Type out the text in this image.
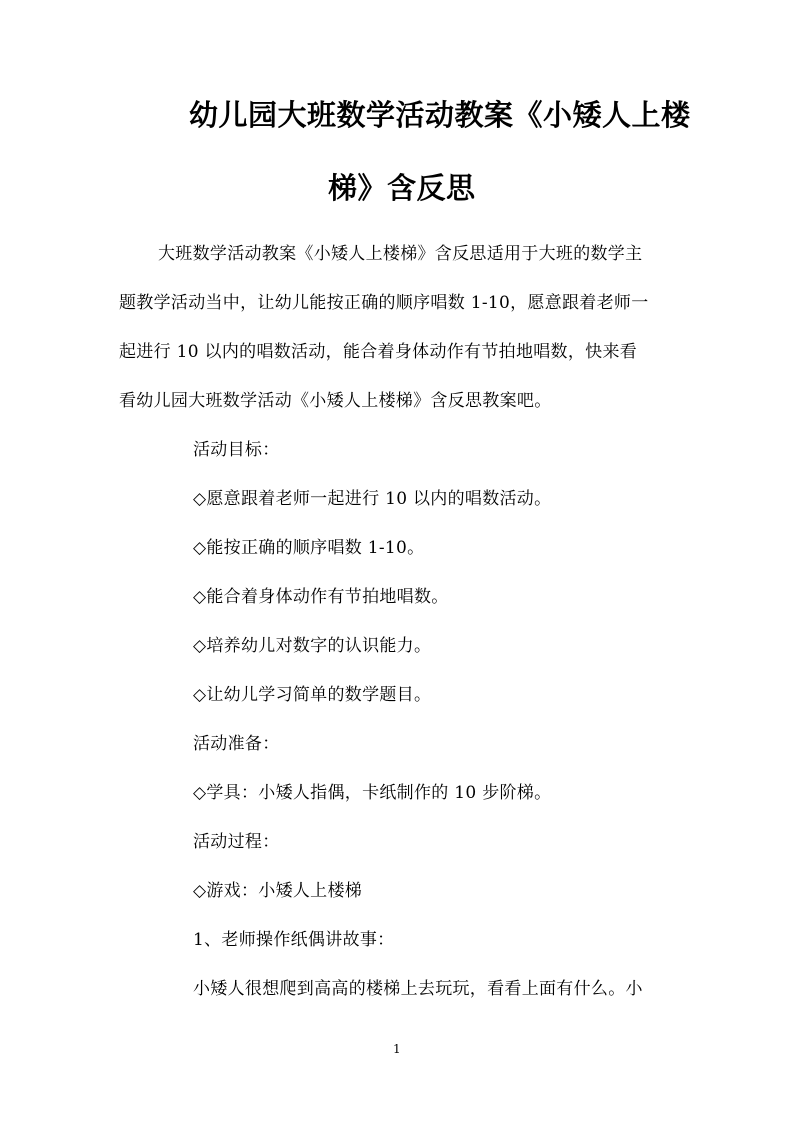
幼儿园大班数学活动教案《小矮人上楼
梯》含反思
大班数学活动教案《小矮人上楼梯》含反思适用于大班的数学主
题教学活动当中，让幼儿能按正确的顺序唱数 1-10，愿意跟着老师一
起进行 10 以内的唱数活动，能合着身体动作有节拍地唱数，快来看
看幼儿园大班数学活动《小矮人上楼梯》含反思教案吧。
活动目标：
◇愿意跟着老师一起进行 10 以内的唱数活动。
◇能按正确的顺序唱数 1-10。
◇能合着身体动作有节拍地唱数。
◇培养幼儿对数字的认识能力。
◇让幼儿学习简单的数学题目。
活动准备：
◇学具：小矮人指偶，卡纸制作的 10 步阶梯。
活动过程：
◇游戏：小矮人上楼梯
1、老师操作纸偶讲故事：
小矮人很想爬到高高的楼梯上去玩玩，看看上面有什么。小
1
